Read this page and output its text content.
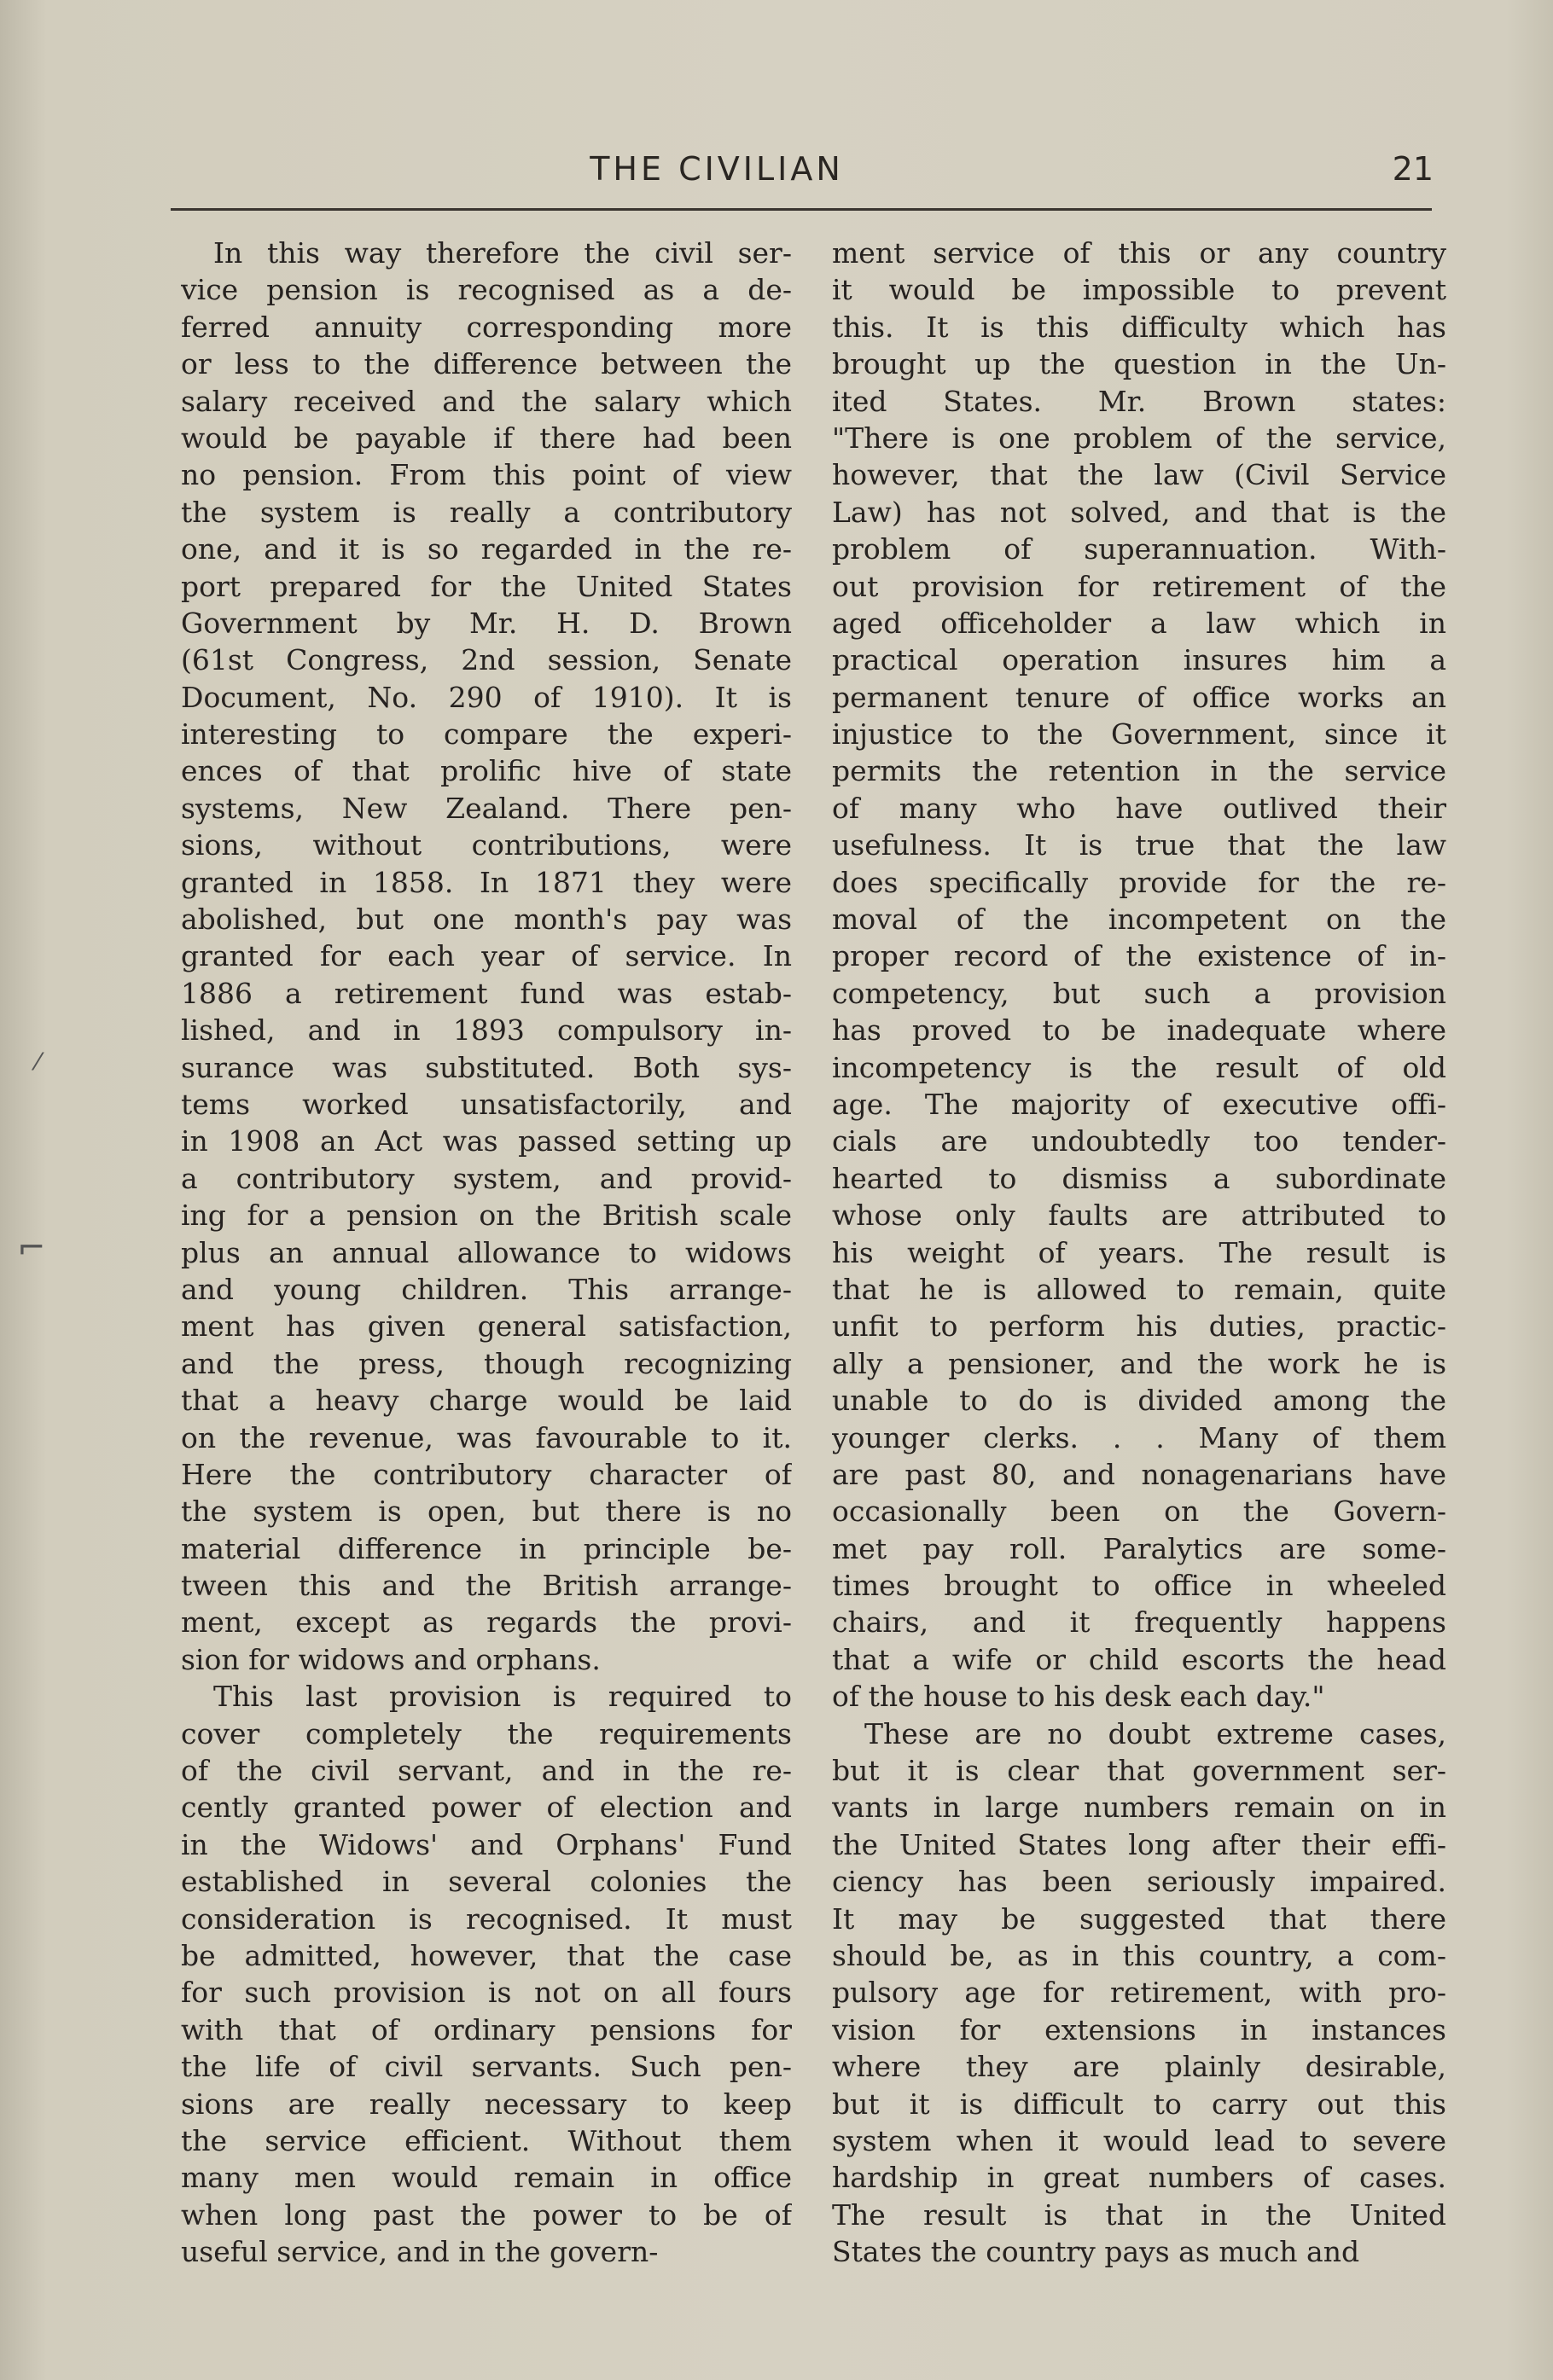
THE CIVILIAN	21
In this way therefore the civil ser-
vice pension is recognised as a de-
ferred annuity corresponding more
or less to the difference between the
salary received and the salary which
would be payable if there had been
no pension. From this point of view
the system is really a contributory
one, and it is so regarded in the re-
port prepared for the United States
Government by Mr. H. D. Brown
(61st Congress, 2nd session, Senate
Document, No. 290 of 1910). It is
interesting to compare the experi-
ences of that prolific hive of state
systems, New Zealand. There pen-
sions, without contributions, were
granted in 1858. In 1871 they were
abolished, but one month's pay was
granted for each year of service. In
1886 a retirement fund was estab-
lished, and in 1893 compulsory in-
surance was substituted. Both sys-
tems worked unsatisfactorily, and
in 1908 an Act was passed setting up
a contributory system, and provid-
ing for a pension on the British scale
plus an annual allowance to widows
and young children. This arrange-
ment has given general satisfaction,
and the press, though recognizing
that a heavy charge would be laid
on the revenue, was favourable to it.
Here the contributory character of
the system is open, but there is no
material difference in principle be-
tween this and the British arrange-
ment, except as regards the provi-
sion for widows and orphans.
This last provision is required to
cover completely the requirements
of the civil servant, and in the re-
cently granted power of election and
in the Widows' and Orphans' Fund
established in several colonies the
consideration is recognised. It must
be admitted, however, that the case
for such provision is not on all fours
with that of ordinary pensions for
the life of civil servants. Such pen-
sions are really necessary to keep
the service efficient. Without them
many men would remain in office
when long past the power to be of
useful service, and in the govern-
ment service of this or any country
it would be impossible to prevent
this. It is this difficulty which has
brought up the question in the Un-
ited States. Mr. Brown states:
"There is one problem of the service,
however, that the law (Civil Service
Law) has not solved, and that is the
problem of superannuation. With-
out provision for retirement of the
aged officeholder a law which in
practical operation insures him a
permanent tenure of office works an
injustice to the Government, since it
permits the retention in the service
of many who have outlived their
usefulness. It is true that the law
does specifically provide for the re-
moval of the incompetent on the
proper record of the existence of in-
competency, but such a provision
has proved to be inadequate where
incompetency is the result of old
age. The majority of executive offi-
cials are undoubtedly too tender-
hearted to dismiss a subordinate
whose only faults are attributed to
his weight of years. The result is
that he is allowed to remain, quite
unfit to perform his duties, practic-
ally a pensioner, and the work he is
unable to do is divided among the
younger clerks. . . Many of them
are past 80, and nonagenarians have
occasionally been on the Govern-
met pay roll. Paralytics are some-
times brought to office in wheeled
chairs, and it frequently happens
that a wife or child escorts the head
of the house to his desk each day."
These are no doubt extreme cases,
but it is clear that government ser-
vants in large numbers remain on in
the United States long after their effi-
ciency has been seriously impaired.
It may be suggested that there
should be, as in this country, a com-
pulsory age for retirement, with pro-
vision for extensions in instances
where they are plainly desirable,
but it is difficult to carry out this
system when it would lead to severe
hardship in great numbers of cases.
The result is that in the United
States the country pays as much and
⁄
⌐
